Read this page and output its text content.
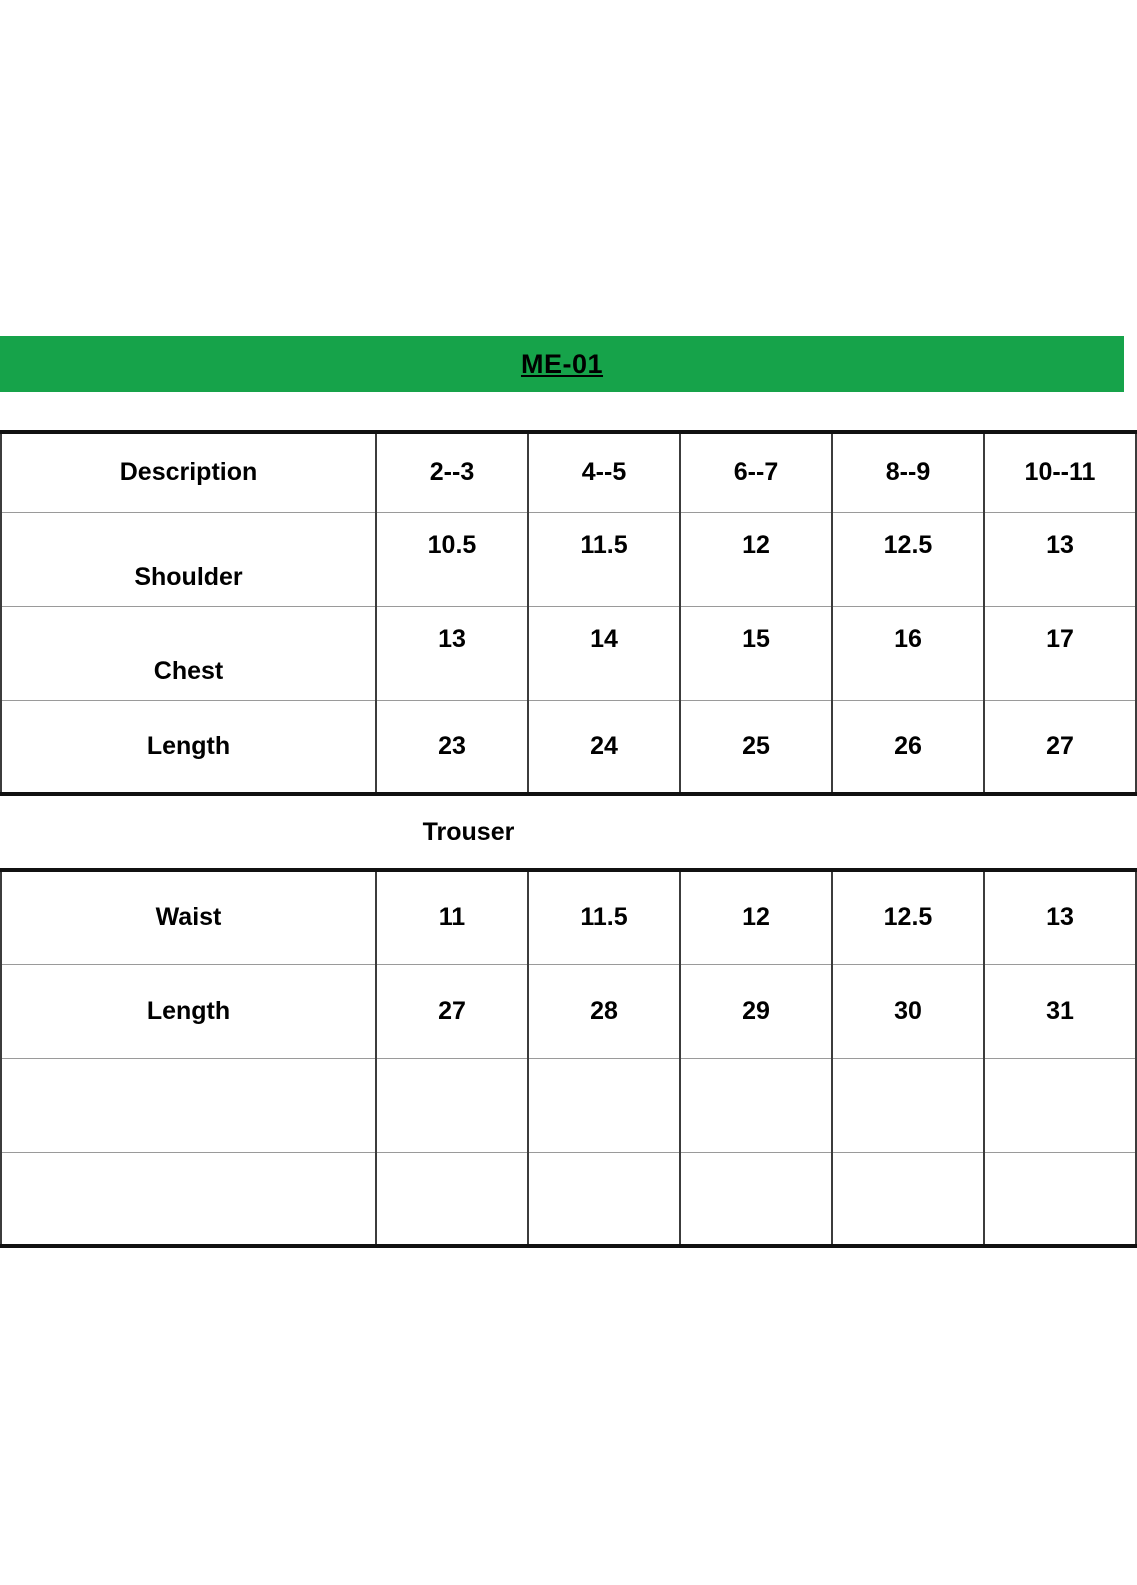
ME-01
Description	2--3	4--5	6--7	8--9	10--11
Shoulder	10.5	11.5	12	12.5	13
Chest	13	14	15	16	17
Length	23	24	25	26	27
Trouser
Waist	11	11.5	12	12.5	13
Length	27	28	29	30	31
